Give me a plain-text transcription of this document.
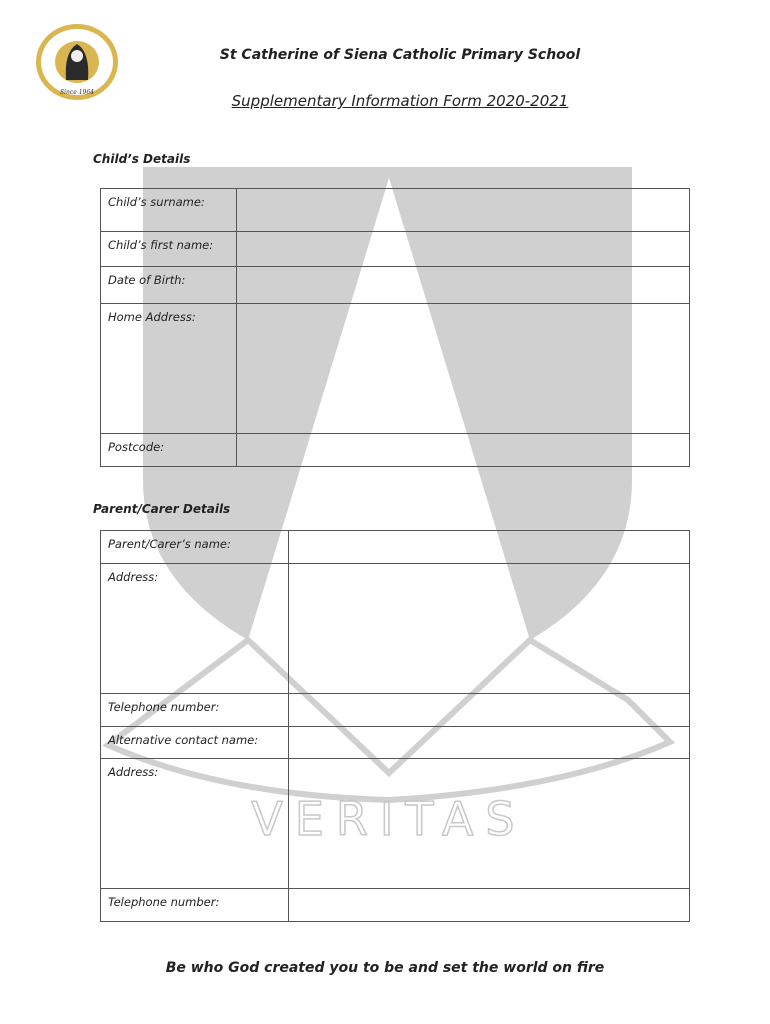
VERITAS
Since 1964
St Catherine of Siena Catholic Primary School
Supplementary Information Form 2020-2021
Child’s Details
Child’s surname:	
Child’s first name:	
Date of Birth:	
Home Address:	
Postcode:	
Parent/Carer Details
Parent/Carer’s name:	
Address:	
Telephone number:	
Alternative contact name:	
Address:	
Telephone number:	
Be who God created you to be and set the world on fire
